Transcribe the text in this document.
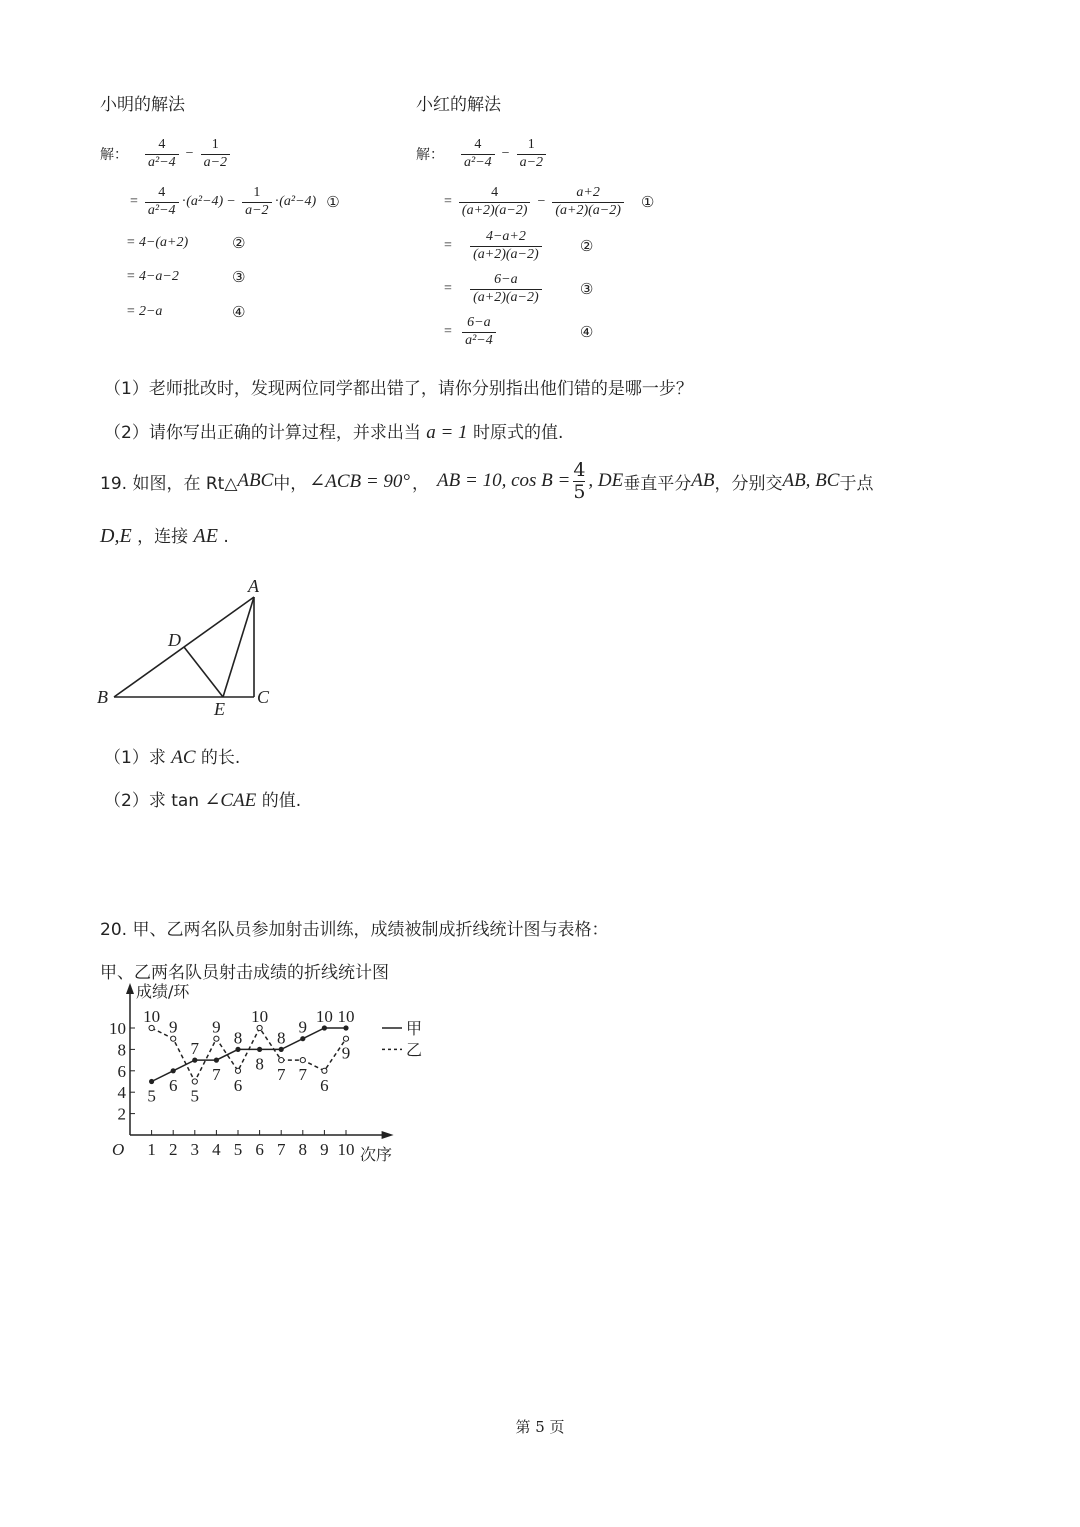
小明的解法
解： $\frac{4}{\text{a²−4}} - \frac{1}{a-2}$
= $\frac{4}{\text{a²−4}} \cdot (a^2-4) - \frac{1}{a-2} \cdot (a^2-4)$ ①
= 4−(a+2)	②
= 4−a−2	③
= 2−a	④
小红的解法
解： $\frac{4}{\text{a²−4}} - \frac{1}{a-2}$
= $\frac{4}{(a+2)(a-2)} - \frac{a+2}{(a+2)(a-2)}$ ①
= $\frac{4-a+2}{(a+2)(a-2)}$ ②
= $\frac{6-a}{(a+2)(a-2)}$ ③
= $\frac{6-a}{\text{a²−4}}$	④
（1）老师批改时，发现两位同学都出错了，请你分别指出他们错的是哪一步？
（2）请你写出正确的计算过程，并求出当 a = 1 时原式的值.
19. 如图，在 Rt△ ABC 中， ∠ACB = 90° ， AB = 10, $\cos B = \frac{4}{5}$ , DE 垂直平分 AB ，分别交 AB, BC 于点
D,E ，连接 AE .
A
B	C
D
E
（1）求 AC 的长.
（2）求 tan ∠CAE 的值.
20. 甲、乙两名队员参加射击训练，成绩被制成折线统计图与表格：
甲、乙两名队员射击成绩的折线统计图
成绩/环
次序
O
2
4
6
8
10
1 2 3 4 5 6 7 8 9 10
5
10
6
9
7
5
7
9
8
6
8
10
8
7
9
7
10
6
10
9
甲
乙
第 5 页
